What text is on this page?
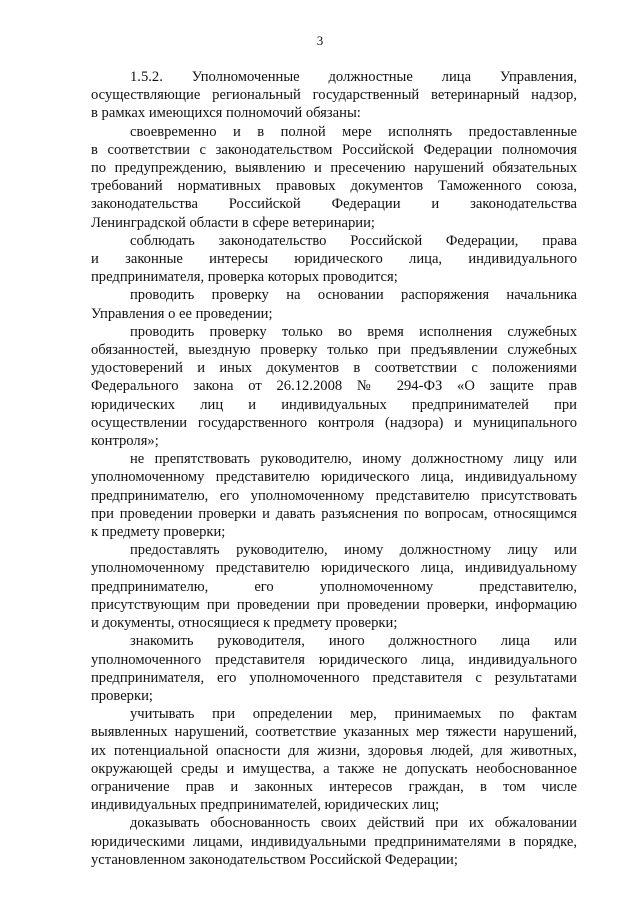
3
1.5.2. Уполномоченные должностные лица Управления,
осуществляющие региональный государственный ветеринарный надзор,
в рамках имеющихся полномочий обязаны:
своевременно и в полной мере исполнять предоставленные
в соответствии с законодательством Российской Федерации полномочия
по предупреждению, выявлению и пресечению нарушений обязательных
требований нормативных правовых документов Таможенного союза,
законодательства Российской Федерации и законодательства
Ленинградской области в сфере ветеринарии;
соблюдать законодательство Российской Федерации, права
и законные интересы юридического лица, индивидуального
предпринимателя, проверка которых проводится;
проводить проверку на основании распоряжения начальника
Управления о ее проведении;
проводить проверку только во время исполнения служебных
обязанностей, выездную проверку только при предъявлении служебных
удостоверений и иных документов в соответствии с положениями
Федерального закона от 26.12.2008 № 294-ФЗ «О защите прав
юридических лиц и индивидуальных предпринимателей при
осуществлении государственного контроля (надзора) и муниципального
контроля»;
не препятствовать руководителю, иному должностному лицу или
уполномоченному представителю юридического лица, индивидуальному
предпринимателю, его уполномоченному представителю присутствовать
при проведении проверки и давать разъяснения по вопросам, относящимся
к предмету проверки;
предоставлять руководителю, иному должностному лицу или
уполномоченному представителю юридического лица, индивидуальному
предпринимателю, его уполномоченному представителю,
присутствующим при проведении при проведении проверки, информацию
и документы, относящиеся к предмету проверки;
знакомить руководителя, иного должностного лица или
уполномоченного представителя юридического лица, индивидуального
предпринимателя, его уполномоченного представителя с результатами
проверки;
учитывать при определении мер, принимаемых по фактам
выявленных нарушений, соответствие указанных мер тяжести нарушений,
их потенциальной опасности для жизни, здоровья людей, для животных,
окружающей среды и имущества, а также не допускать необоснованное
ограничение прав и законных интересов граждан, в том числе
индивидуальных предпринимателей, юридических лиц;
доказывать обоснованность своих действий при их обжаловании
юридическими лицами, индивидуальными предпринимателями в порядке,
установленном законодательством Российской Федерации;
